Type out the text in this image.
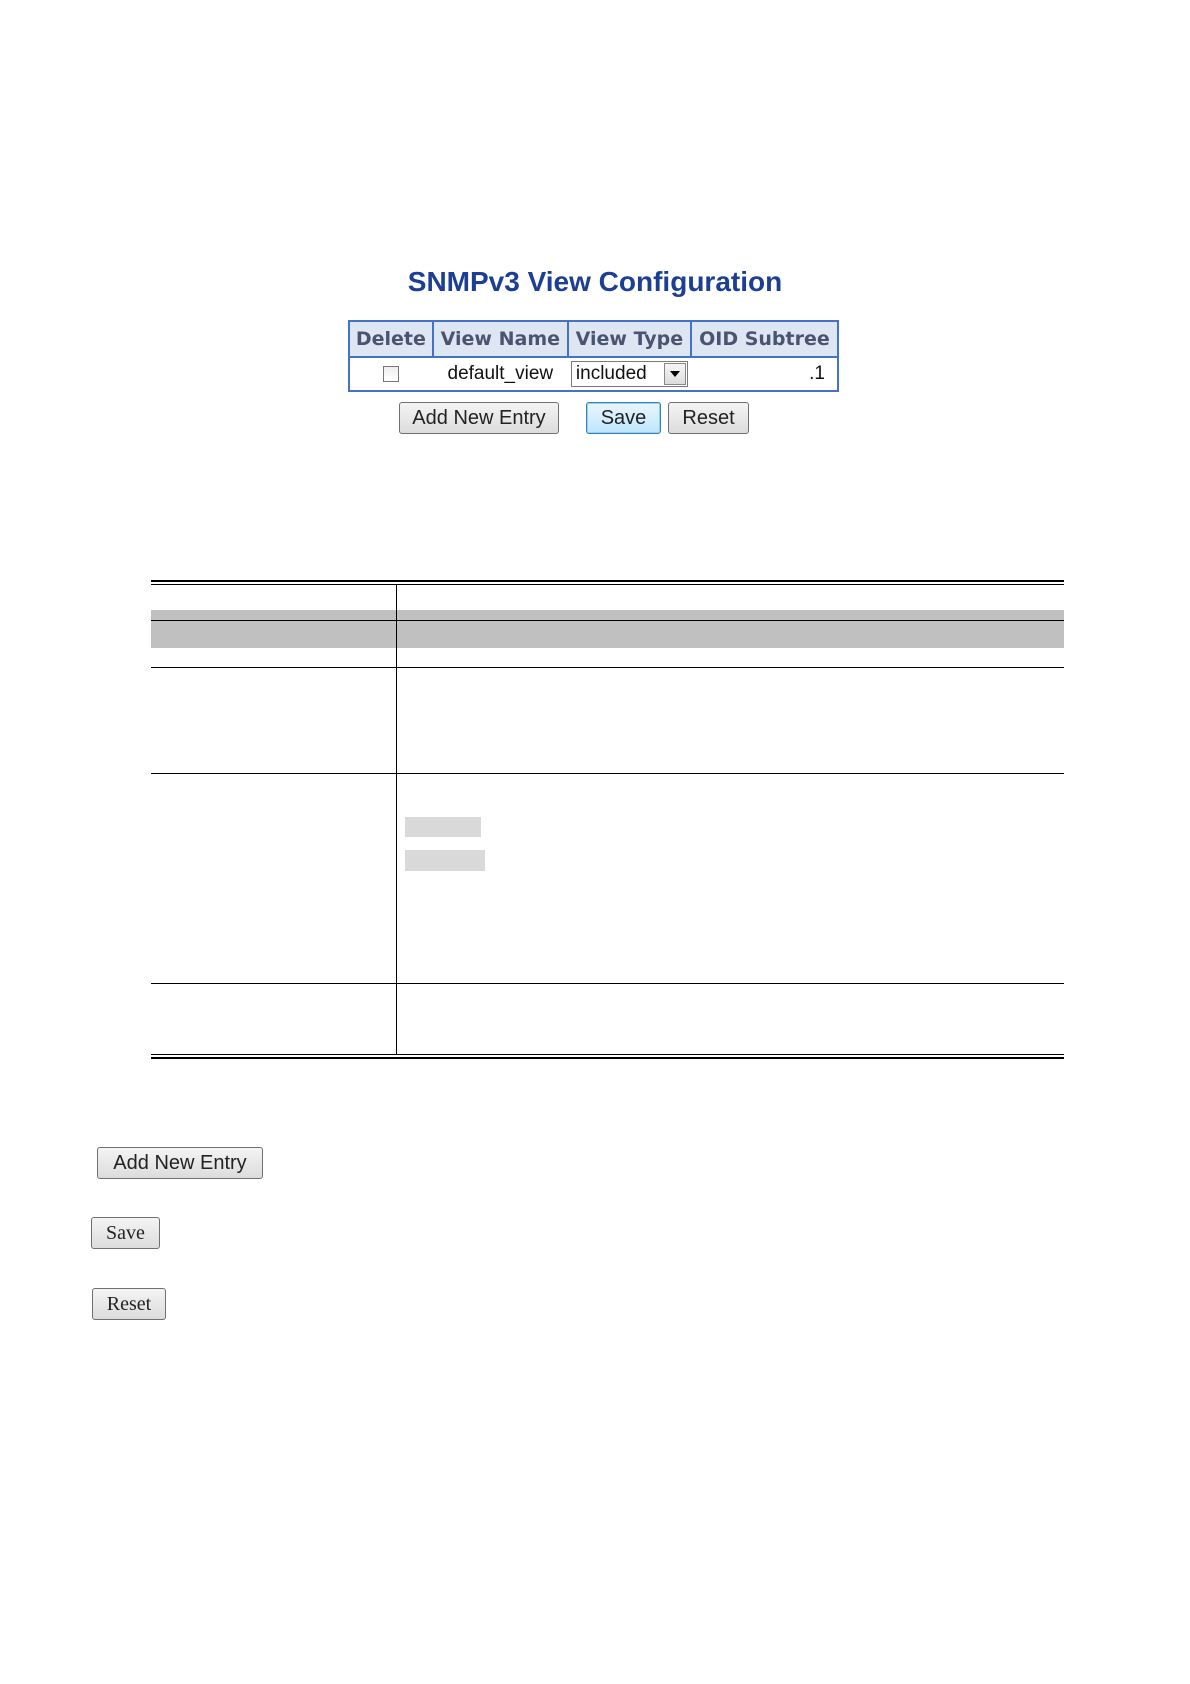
SNMPv3 View Configuration
Delete	View Name	View Type	OID Subtree
	default_view	included	.1
Add New Entry	Save	Reset
Add New Entry
Save
Reset
